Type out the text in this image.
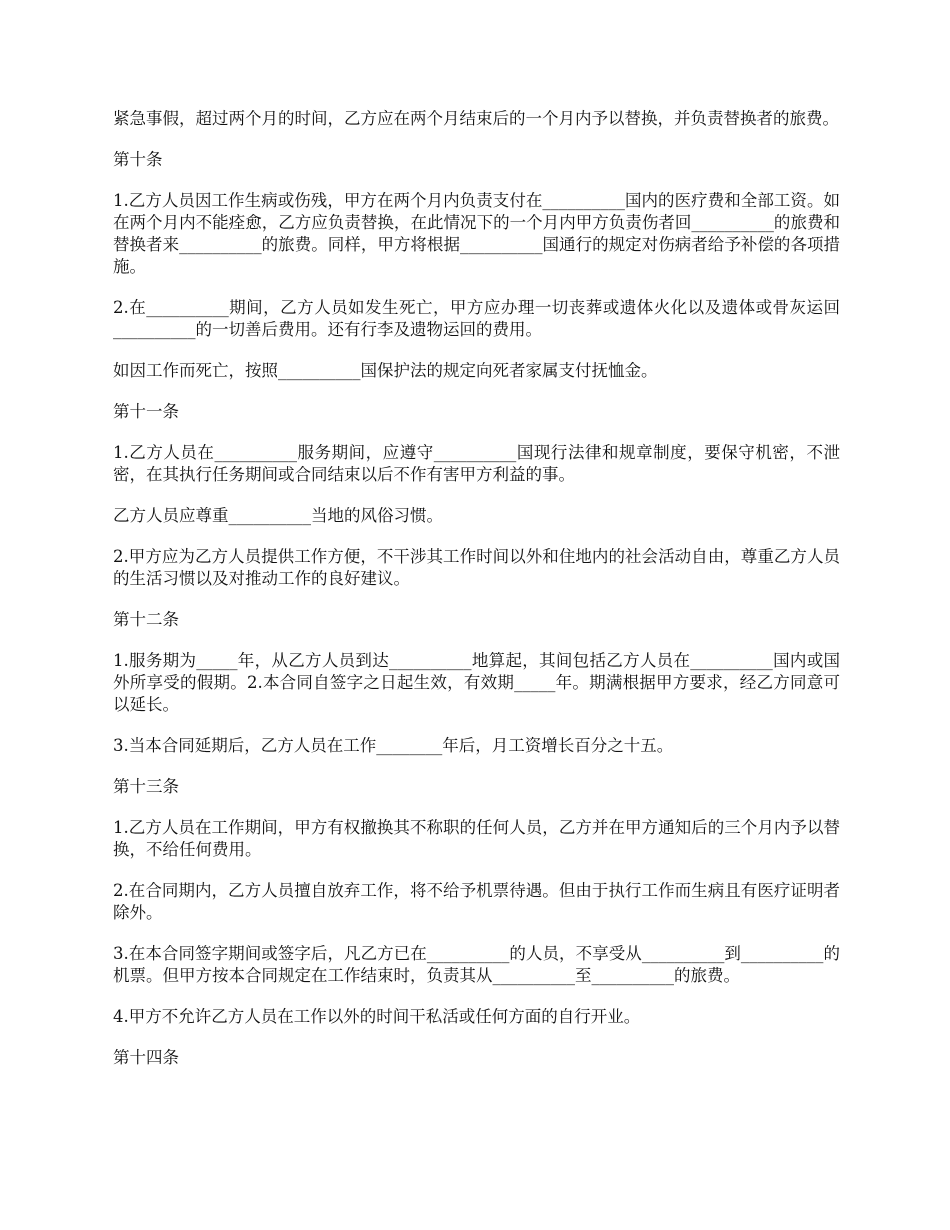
紧急事假，超过两个月的时间，乙方应在两个月结束后的一个月内予以替换，并负责替换者的旅费。

第十条

1.乙方人员因工作生病或伤残，甲方在两个月内负责支付在__________国内的医疗费和全部工资。如在两个月内不能痊愈，乙方应负责替换，在此情况下的一个月内甲方负责伤者回__________的旅费和替换者来__________的旅费。同样，甲方将根据__________国通行的规定对伤病者给予补偿的各项措施。

2.在__________期间，乙方人员如发生死亡，甲方应办理一切丧葬或遗体火化以及遗体或骨灰运回__________的一切善后费用。还有行李及遗物运回的费用。

如因工作而死亡，按照__________国保护法的规定向死者家属支付抚恤金。

第十一条

1.乙方人员在__________服务期间，应遵守__________国现行法律和规章制度，要保守机密，不泄密，在其执行任务期间或合同结束以后不作有害甲方利益的事。

乙方人员应尊重__________当地的风俗习惯。

2.甲方应为乙方人员提供工作方便，不干涉其工作时间以外和住地内的社会活动自由，尊重乙方人员的生活习惯以及对推动工作的良好建议。

第十二条

1.服务期为_____年，从乙方人员到达__________地算起，其间包括乙方人员在__________国内或国外所享受的假期。2.本合同自签字之日起生效，有效期_____年。期满根据甲方要求，经乙方同意可以延长。

3.当本合同延期后，乙方人员在工作________年后，月工资增长百分之十五。

第十三条

1.乙方人员在工作期间，甲方有权撤换其不称职的任何人员，乙方并在甲方通知后的三个月内予以替换，不给任何费用。

2.在合同期内，乙方人员擅自放弃工作，将不给予机票待遇。但由于执行工作而生病且有医疗证明者除外。

3.在本合同签字期间或签字后，凡乙方已在__________的人员，不享受从__________到__________的机票。但甲方按本合同规定在工作结束时，负责其从__________至__________的旅费。

4.甲方不允许乙方人员在工作以外的时间干私活或任何方面的自行开业。

第十四条
